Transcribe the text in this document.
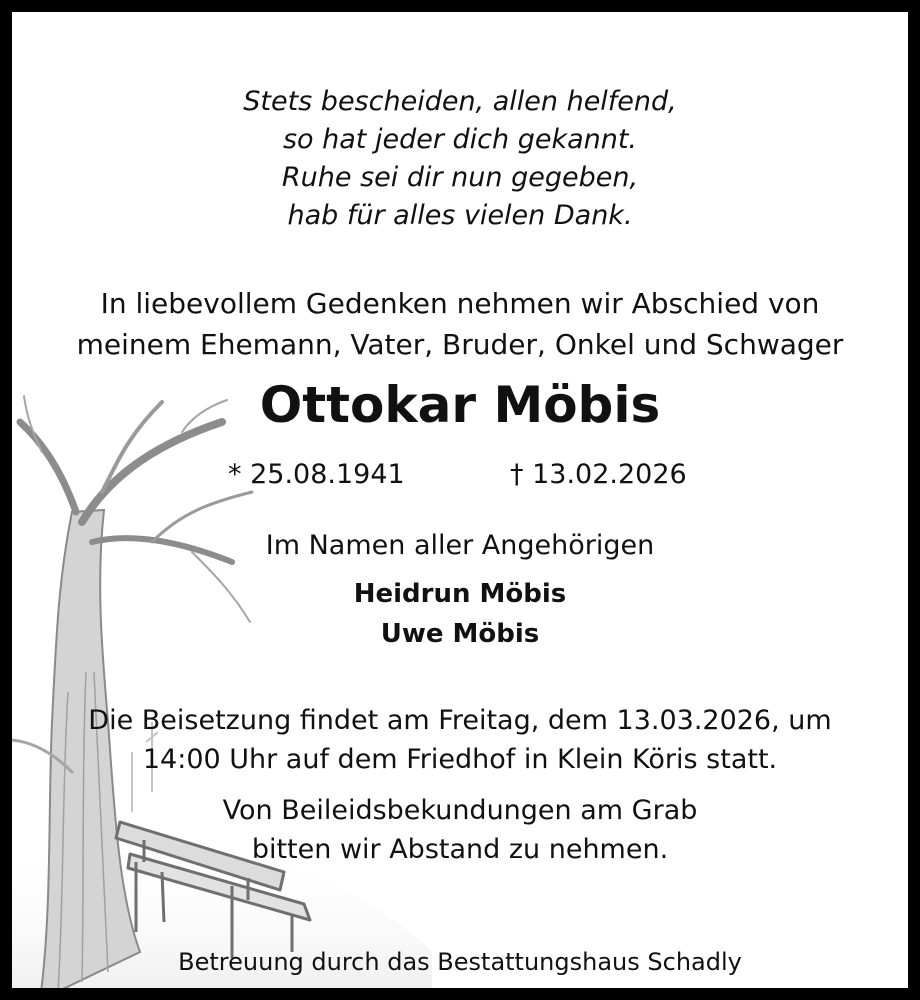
Stets bescheiden, allen helfend,
so hat jeder dich gekannt.
Ruhe sei dir nun gegeben,
hab für alles vielen Dank.
In liebevollem Gedenken nehmen wir Abschied von
meinem Ehemann, Vater, Bruder, Onkel und Schwager
Ottokar Möbis
* 25.08.1941	† 13.02.2026
Im Namen aller Angehörigen
Heidrun Möbis
Uwe Möbis
Die Beisetzung findet am Freitag, dem 13.03.2026, um
14:00 Uhr auf dem Friedhof in Klein Köris statt.
Von Beileidsbekundungen am Grab
bitten wir Abstand zu nehmen.
Betreuung durch das Bestattungshaus Schadly
